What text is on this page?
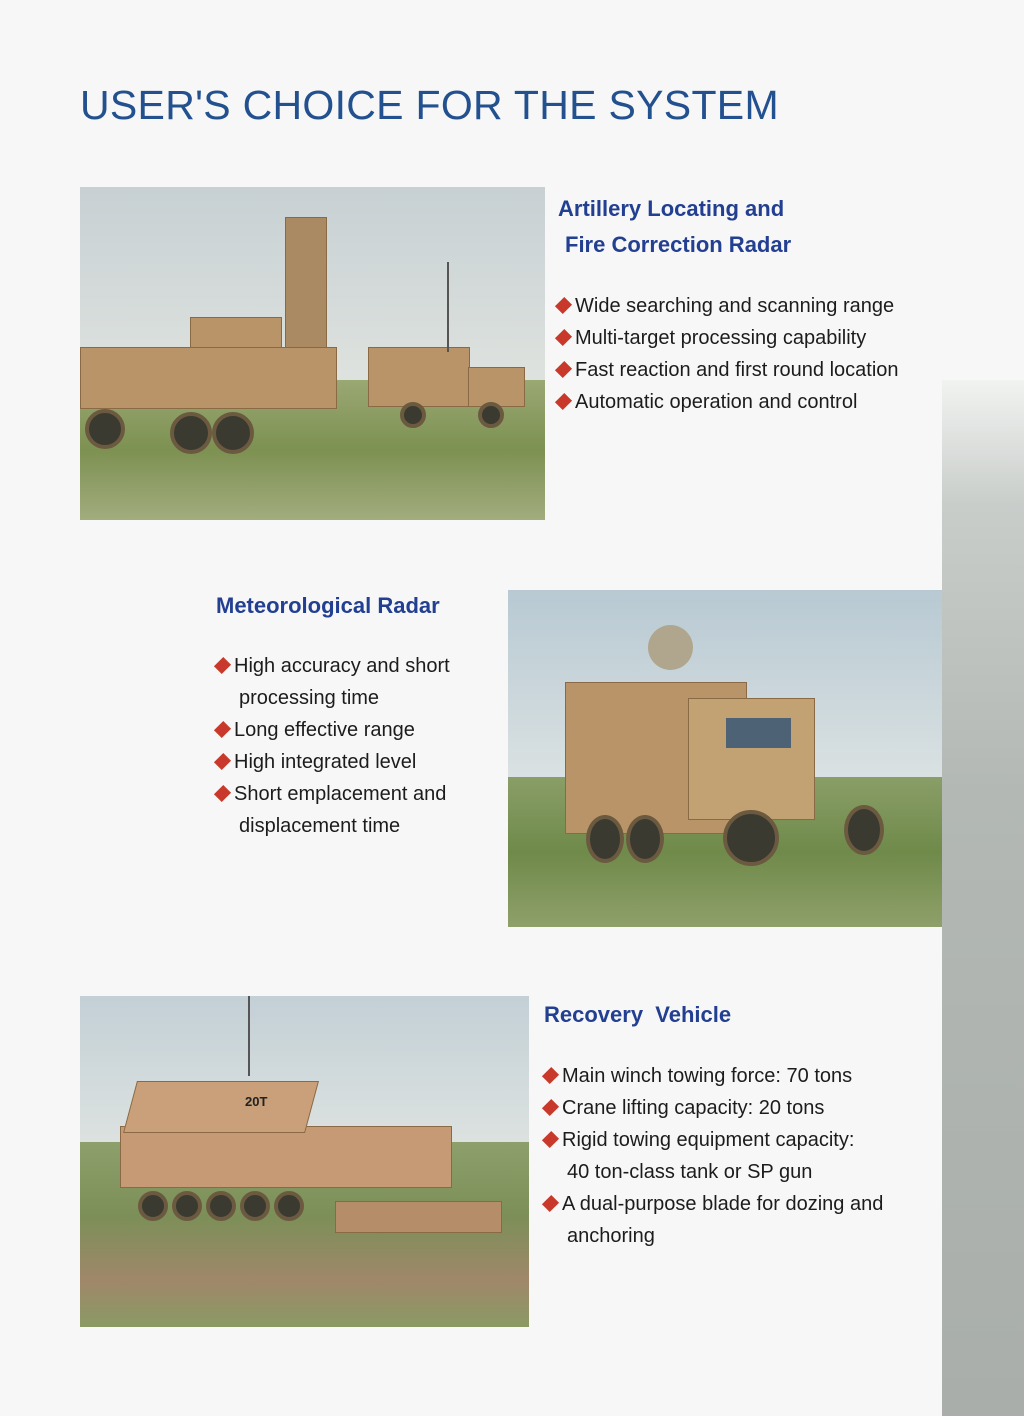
USER'S CHOICE FOR THE SYSTEM
Artillery Locating and
Fire Correction Radar
Wide searching and scanning range
Multi-target processing capability
Fast reaction and first round location
Automatic operation and control
Meteorological Radar
High accuracy and short
processing time
Long effective range
High integrated level
Short emplacement and
displacement time
20T
Recovery  Vehicle
Main winch towing force: 70 tons
Crane lifting capacity: 20 tons
Rigid towing equipment capacity:
40 ton-class tank or SP gun
A dual-purpose blade for dozing and
anchoring
